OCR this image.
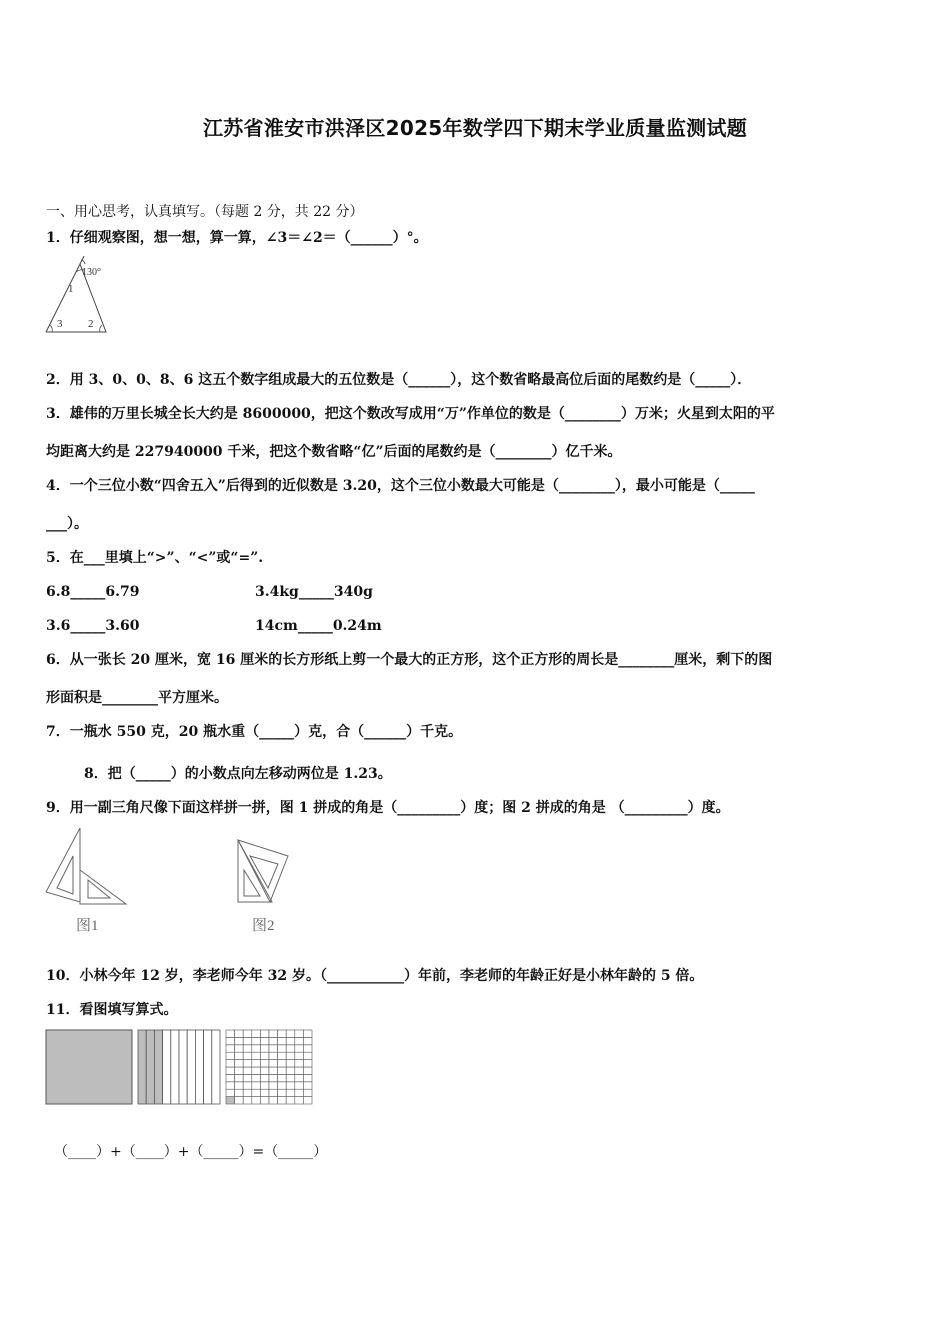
江苏省淮安市洪泽区2025年数学四下期末学业质量监测试题
一、用心思考，认真填写。（每题 2 分，共 22 分）
1．仔细观察图，想一想，算一算，∠3＝∠2＝（______）°。
130°
1
3 2
2．用 3、0、0、8、6 这五个数字组成最大的五位数是（______），这个数省略最高位后面的尾数约是（_____）．
3．雄伟的万里长城全长大约是 8600000，把这个数改写成用“万”作单位的数是（________）万米；火星到太阳的平
均距离大约是 227940000 千米，把这个数省略“亿”后面的尾数约是（________）亿千米。
4．一个三位小数“四舍五入”后得到的近似数是 3.20，这个三位小数最大可能是（________），最小可能是（_____
___）。
5．在___里填上“>”、“<”或“=”.
6.8_____6.79	3.4kg_____340g
3.6_____3.60	14cm_____0.24m
6．从一张长 20 厘米，宽 16 厘米的长方形纸上剪一个最大的正方形，这个正方形的周长是________厘米，剩下的图
形面积是________平方厘米。
7．一瓶水 550 克，20 瓶水重（_____）克，合（______）千克。
8．把（_____）的小数点向左移动两位是 1.23。
9．用一副三角尺像下面这样拼一拼，图 1 拼成的角是（_________）度；图 2 拼成的角是 （_________）度。
图1	图2
10．小林今年 12 岁，李老师今年 32 岁。（___________）年前，李老师的年龄正好是小林年龄的 5 倍。
11．看图填写算式。
（____）+（____）+（_____）=（_____）
